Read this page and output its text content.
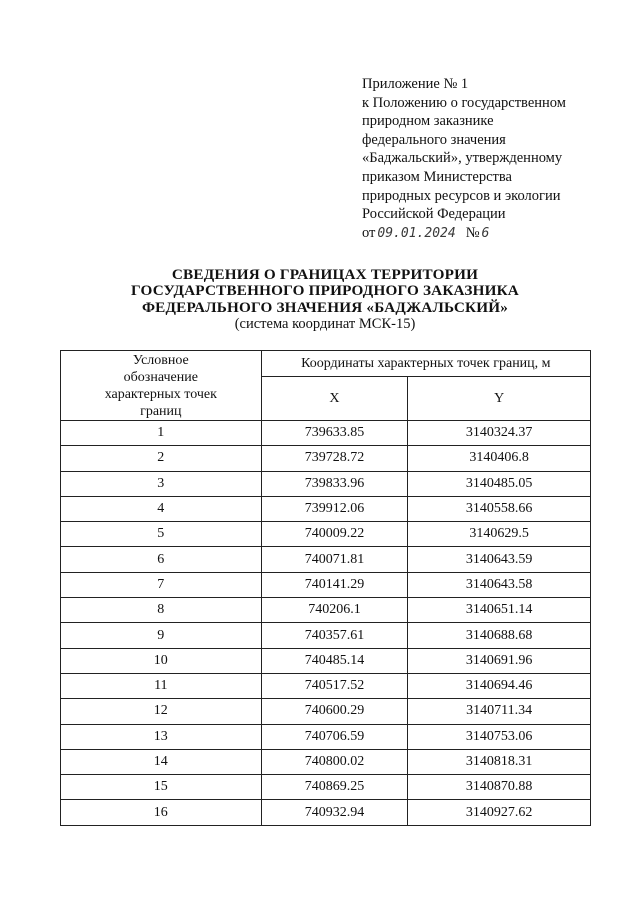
Приложение № 1
к Положению о государственном
природном заказнике
федерального значения
«Баджальский», утвержденному
приказом Министерства
природных ресурсов и экологии
Российской Федерации
от 09.01.2024 № 6
СВЕДЕНИЯ О ГРАНИЦАХ ТЕРРИТОРИИ
ГОСУДАРСТВЕННОГО ПРИРОДНОГО ЗАКАЗНИКА
ФЕДЕРАЛЬНОГО ЗНАЧЕНИЯ «БАДЖАЛЬСКИЙ»
(система координат МСК-15)
Условное
обозначение
характерных точек
границ	Координаты характерных точек границ, м	
	X	Y
1	739633.85	3140324.37
2	739728.72	3140406.8
3	739833.96	3140485.05
4	739912.06	3140558.66
5	740009.22	3140629.5
6	740071.81	3140643.59
7	740141.29	3140643.58
8	740206.1	3140651.14
9	740357.61	3140688.68
10	740485.14	3140691.96
11	740517.52	3140694.46
12	740600.29	3140711.34
13	740706.59	3140753.06
14	740800.02	3140818.31
15	740869.25	3140870.88
16	740932.94	3140927.62
